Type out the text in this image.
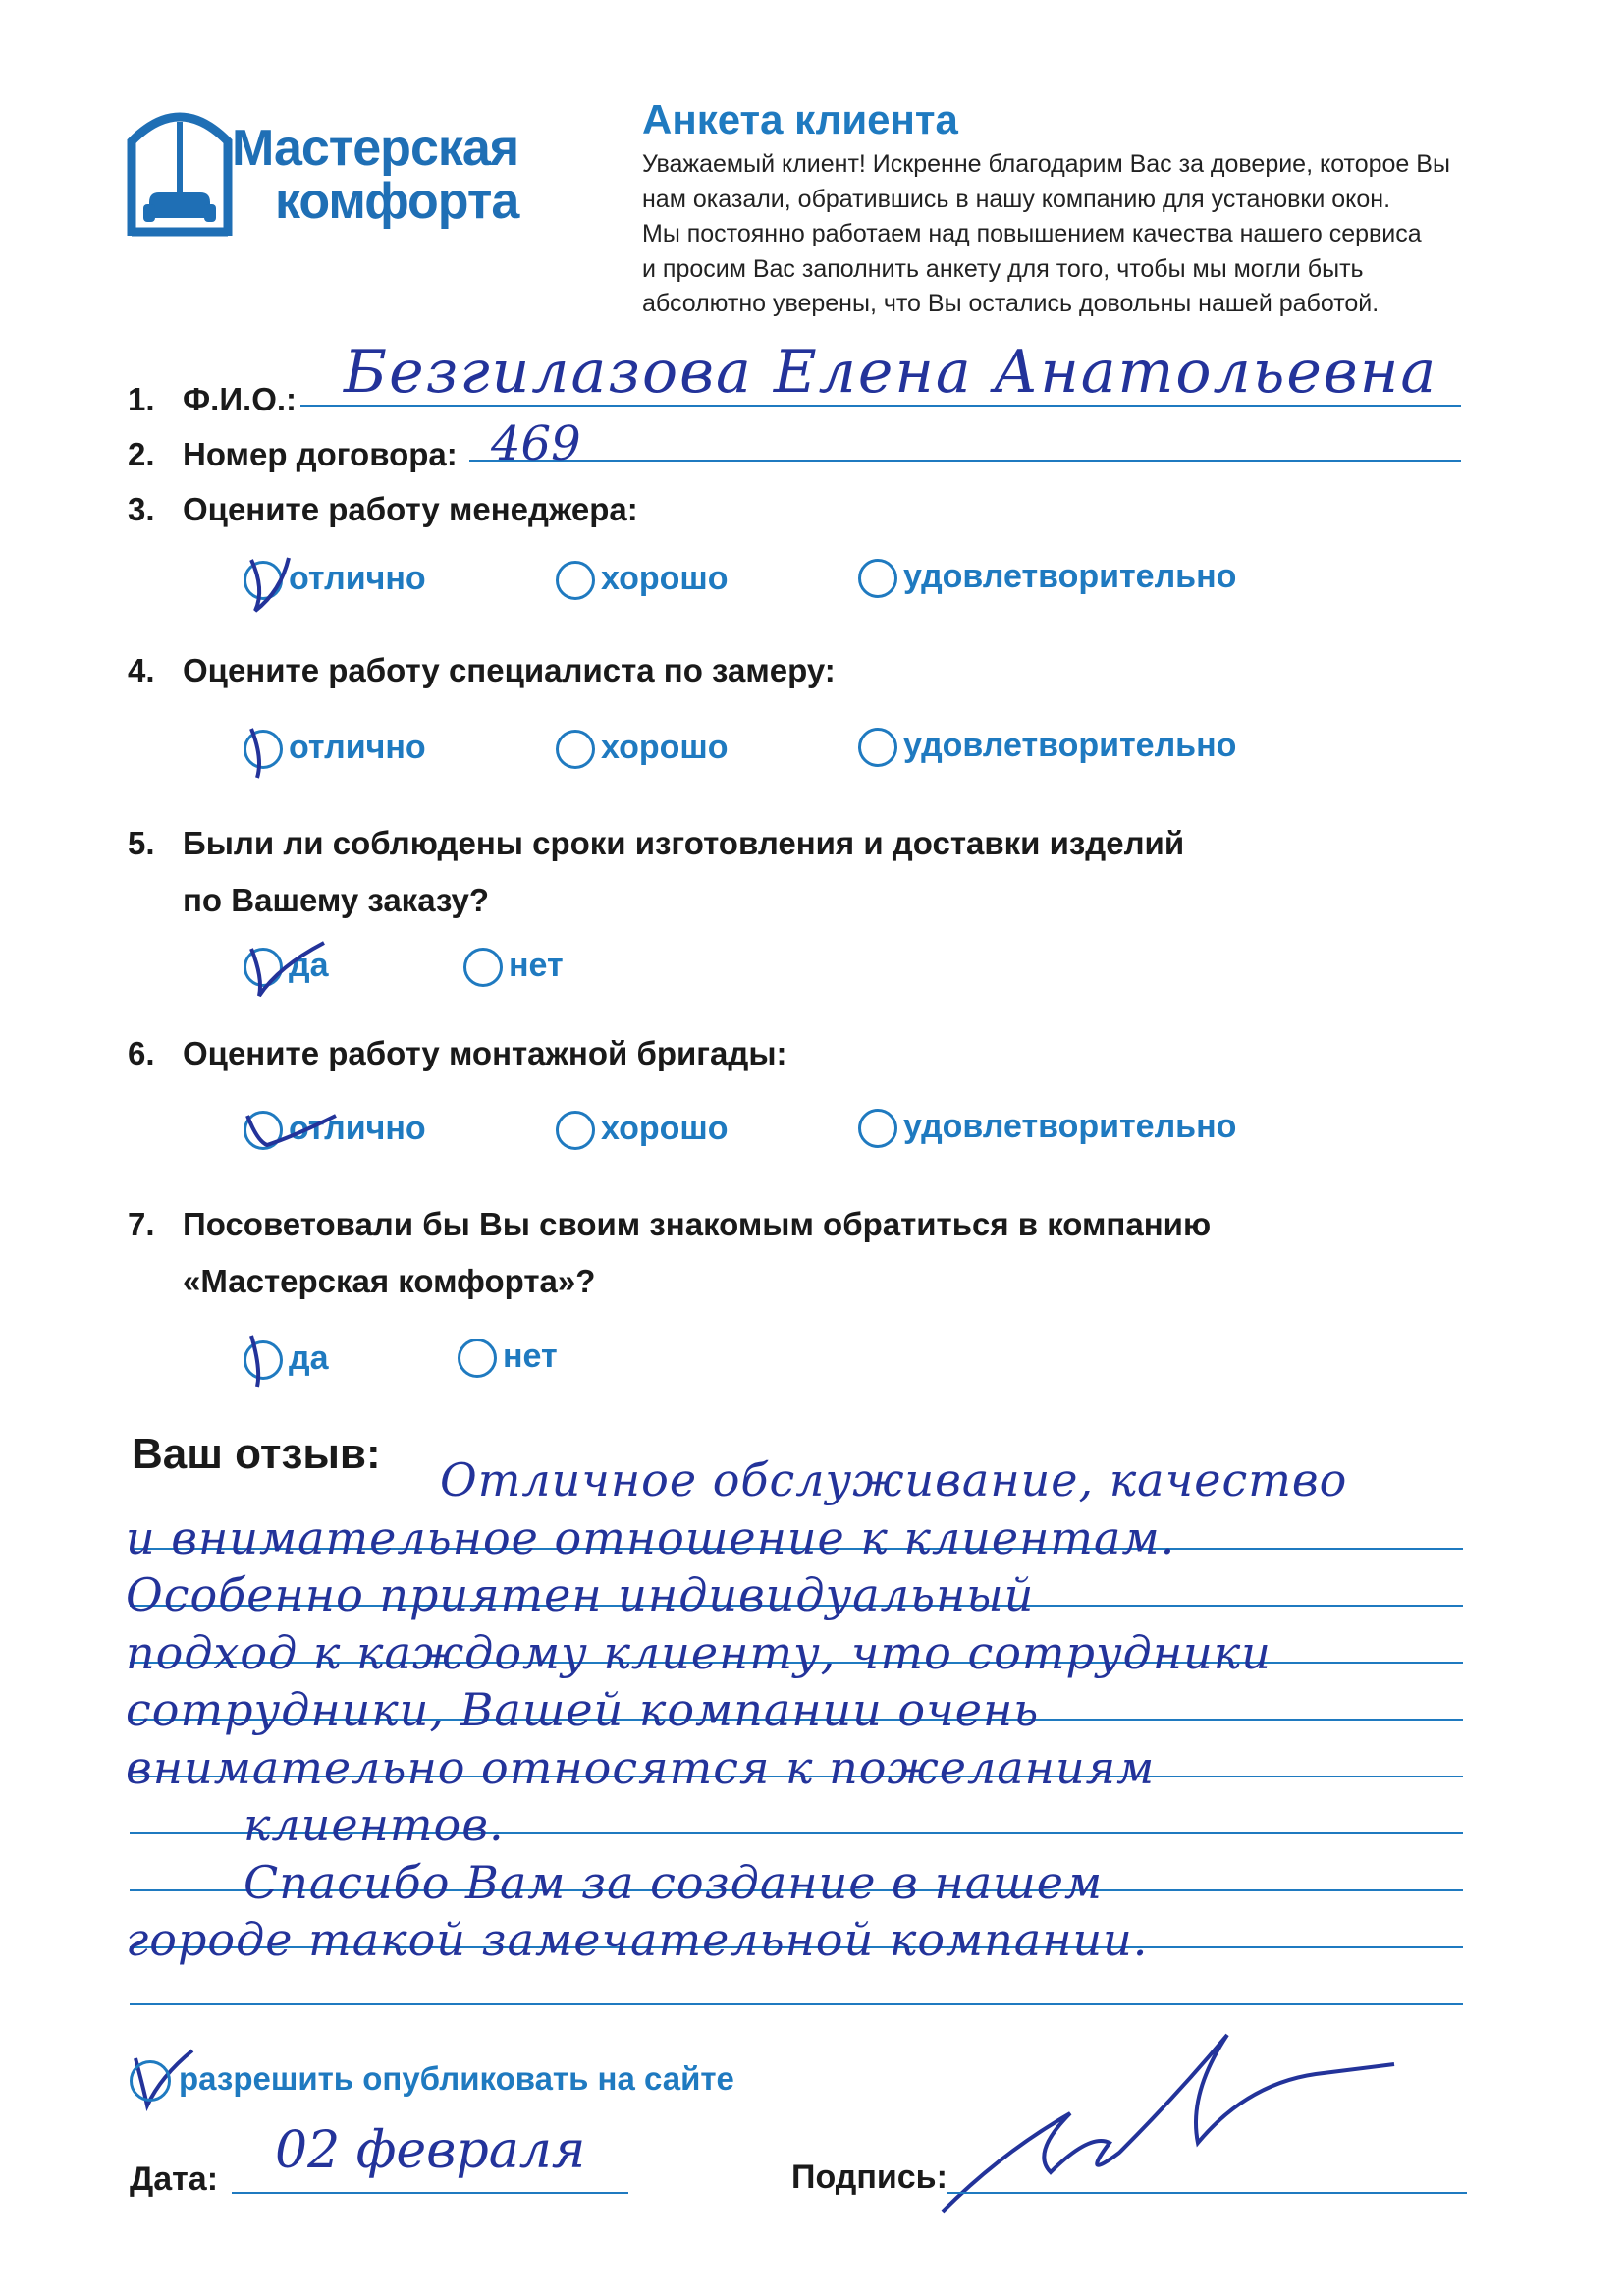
Мастерская
комфорта
Анкета клиента
Уважаемый клиент! Искренне благодарим Вас за доверие, которое Вы
нам оказали, обратившись в нашу компанию для установки окон.
Мы постоянно работаем над повышением качества нашего сервиса
и просим Вас заполнить анкету для того, чтобы мы могли быть
абсолютно уверены, что Вы остались довольны нашей работой.
1. Ф.И.О.: Безгилазова Елена Анатольевна
2. Номер договора: 469
3. Оцените работу менеджера:
отлично	хорошо	удовлетворительно
4. Оцените работу специалиста по замеру:
отлично	хорошо	удовлетворительно
5. Были ли соблюдены сроки изготовления и доставки изделий
по Вашему заказу?
да	нет
6. Оцените работу монтажной бригады:
отлично	хорошо	удовлетворительно
7. Посоветовали бы Вы своим знакомым обратиться в компанию
«Мастерская комфорта»?
да	нет
Ваш отзыв:	Отличное обслуживание, качество
и внимательное отношение к клиентам.
Особенно приятен индивидуальный
подход к каждому клиенту, что сотрудники
сотрудники, Вашей компании очень
внимательно относятся к пожеланиям
клиентов.
Спасибо Вам за создание в нашем
городе такой замечательной компании.
разрешить опубликовать на сайте
Дата: 02 февраля	Подпись:
